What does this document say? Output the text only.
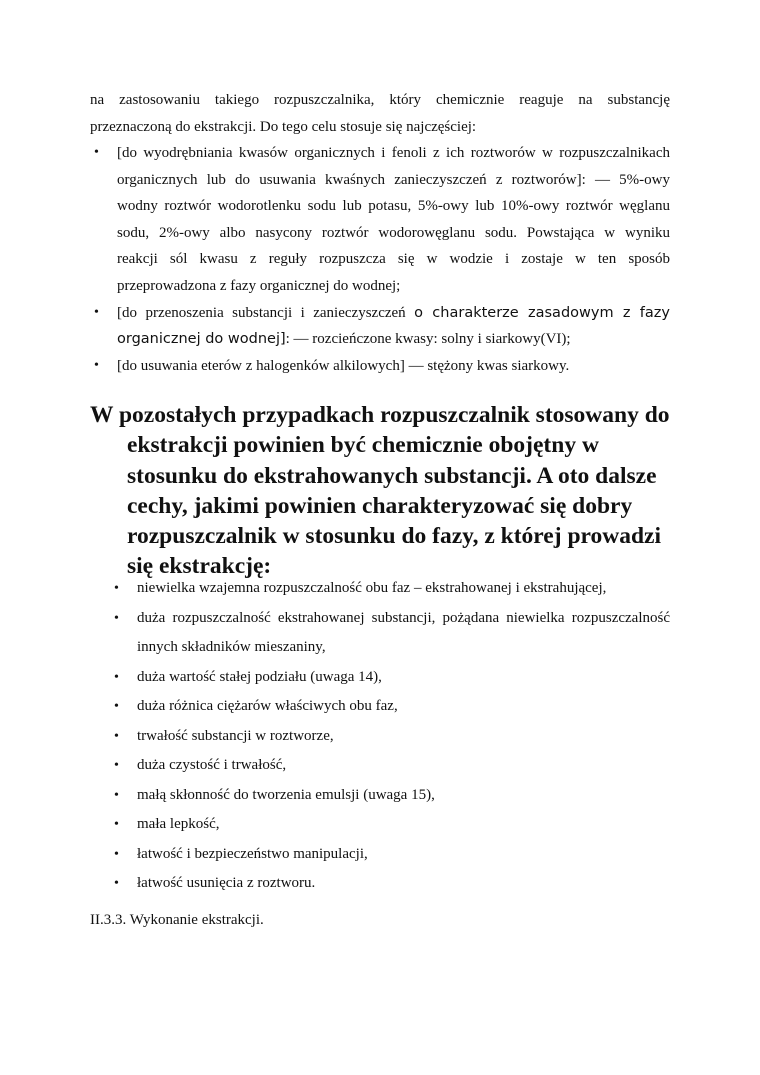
na zastosowaniu takiego rozpuszczalnika, który chemicznie reaguje na substancję
przeznaczoną do ekstrakcji. Do tego celu stosuje się najczęściej:
• [do wyodrębniania kwasów organicznych i fenoli z ich roztworów w rozpuszczalnikach
organicznych lub do usuwania kwaśnych zanieczyszczeń z roztworów]: — 5%-owy
wodny roztwór wodorotlenku sodu lub potasu, 5%-owy lub 10%-owy roztwór węglanu
sodu, 2%-owy albo nasycony roztwór wodorowęglanu sodu. Powstająca w wyniku
reakcji sól kwasu z reguły rozpuszcza się w wodzie i zostaje w ten sposób
przeprowadzona z fazy organicznej do wodnej;
• [do przenoszenia substancji i zanieczyszczeń o charakterze zasadowym z fazy
organicznej do wodnej]: — rozcieńczone kwasy: solny i siarkowy(VI);
• [do usuwania eterów z halogenków alkilowych] — stężony kwas siarkowy.
W pozostałych przypadkach rozpuszczalnik stosowany do
ekstrakcji powinien być chemicznie obojętny w
stosunku do ekstrahowanych substancji. A oto dalsze
cechy, jakimi powinien charakteryzować się dobry
rozpuszczalnik w stosunku do fazy, z której prowadzi
się ekstrakcję:
• niewielka wzajemna rozpuszczalność obu faz – ekstrahowanej i ekstrahującej,
• duża rozpuszczalność ekstrahowanej substancji, pożądana niewielka rozpuszczalność
innych składników mieszaniny,
• duża wartość stałej podziału (uwaga 14),
• duża różnica ciężarów właściwych obu faz,
• trwałość substancji w roztworze,
• duża czystość i trwałość,
• małą skłonność do tworzenia emulsji (uwaga 15),
• mała lepkość,
• łatwość i bezpieczeństwo manipulacji,
• łatwość usunięcia z roztworu.
II.3.3. Wykonanie ekstrakcji.
